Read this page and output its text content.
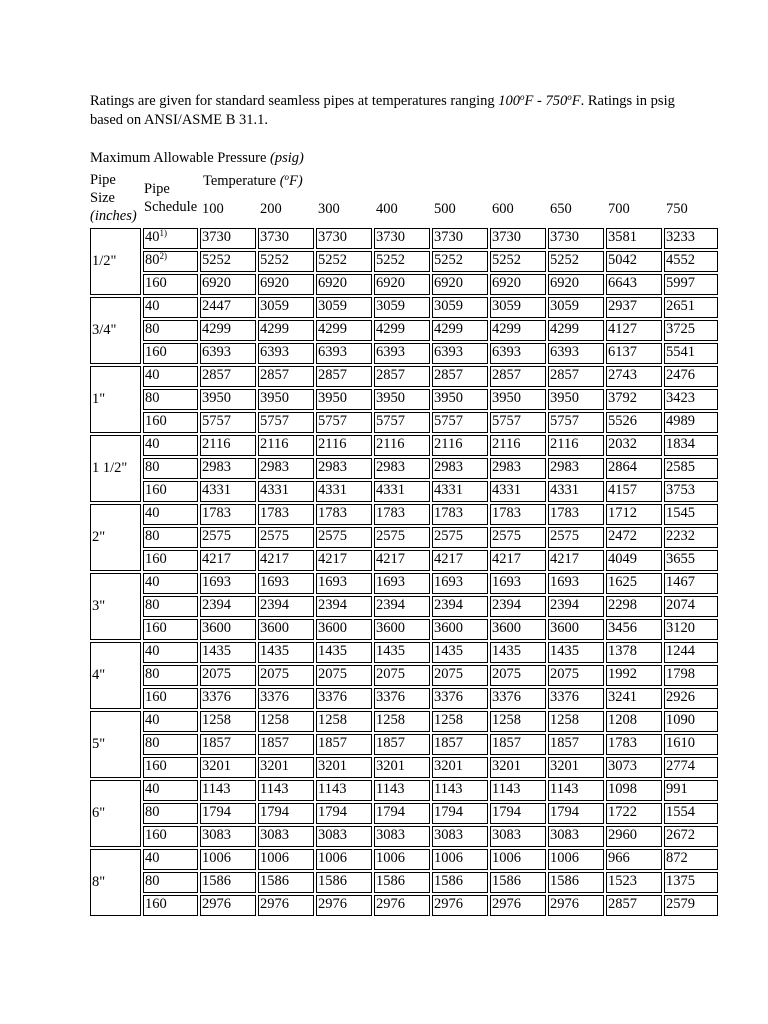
Ratings are given for standard seamless pipes at temperatures ranging 100$^o$F - 750$^o$F. Ratings in psig based on ANSI/ASME B 31.1.
Maximum Allowable Pressure (psig)
Pipe
Size
(inches)
Pipe
Schedule
Temperature ($^o$F)
100	200	300	400	500	600	650	700	750
1/2"	40$^{1)}$	3730	3730	3730	3730	3730	3730	3730	3581	3233
	80$^{2)}$	5252	5252	5252	5252	5252	5252	5252	5042	4552
	160	6920	6920	6920	6920	6920	6920	6920	6643	5997
3/4"	40	2447	3059	3059	3059	3059	3059	3059	2937	2651
	80	4299	4299	4299	4299	4299	4299	4299	4127	3725
	160	6393	6393	6393	6393	6393	6393	6393	6137	5541
1"	40	2857	2857	2857	2857	2857	2857	2857	2743	2476
	80	3950	3950	3950	3950	3950	3950	3950	3792	3423
	160	5757	5757	5757	5757	5757	5757	5757	5526	4989
1 1/2"	40	2116	2116	2116	2116	2116	2116	2116	2032	1834
	80	2983	2983	2983	2983	2983	2983	2983	2864	2585
	160	4331	4331	4331	4331	4331	4331	4331	4157	3753
2"	40	1783	1783	1783	1783	1783	1783	1783	1712	1545
	80	2575	2575	2575	2575	2575	2575	2575	2472	2232
	160	4217	4217	4217	4217	4217	4217	4217	4049	3655
3"	40	1693	1693	1693	1693	1693	1693	1693	1625	1467
	80	2394	2394	2394	2394	2394	2394	2394	2298	2074
	160	3600	3600	3600	3600	3600	3600	3600	3456	3120
4"	40	1435	1435	1435	1435	1435	1435	1435	1378	1244
	80	2075	2075	2075	2075	2075	2075	2075	1992	1798
	160	3376	3376	3376	3376	3376	3376	3376	3241	2926
5"	40	1258	1258	1258	1258	1258	1258	1258	1208	1090
	80	1857	1857	1857	1857	1857	1857	1857	1783	1610
	160	3201	3201	3201	3201	3201	3201	3201	3073	2774
6"	40	1143	1143	1143	1143	1143	1143	1143	1098	991
	80	1794	1794	1794	1794	1794	1794	1794	1722	1554
	160	3083	3083	3083	3083	3083	3083	3083	2960	2672
8"	40	1006	1006	1006	1006	1006	1006	1006	966	872
	80	1586	1586	1586	1586	1586	1586	1586	1523	1375
	160	2976	2976	2976	2976	2976	2976	2976	2857	2579
